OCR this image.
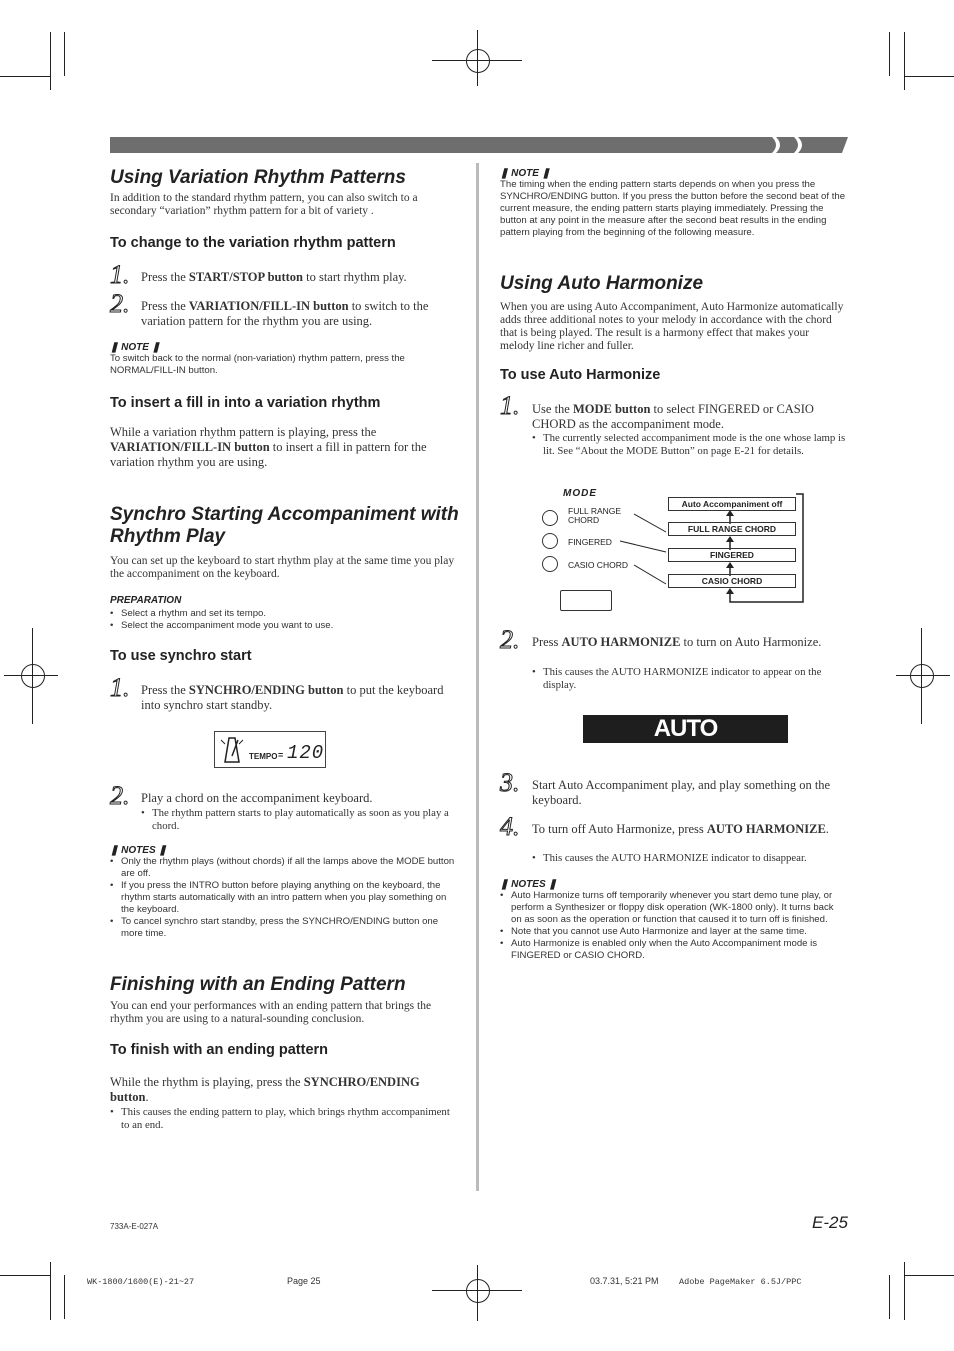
Using Variation Rhythm Patterns
In addition to the standard rhythm pattern, you can also switch to a secondary “variation” rhythm pattern for a bit of variety .
To change to the variation rhythm pattern
1. Press the START/STOP button to start rhythm play.
2. Press the VARIATION/FILL-IN button to switch to the variation pattern for the rhythm you are using.
❚ NOTE ❚
To switch back to the normal (non-variation) rhythm pattern, press the NORMAL/FILL-IN button.
To insert a fill in into a variation rhythm
While a variation rhythm pattern is playing, press the VARIATION/FILL-IN button to insert a fill in pattern for the variation rhythm you are using.
Synchro Starting Accompaniment with Rhythm Play
You can set up the keyboard to start rhythm play at the same time you play the accompaniment on the keyboard.
PREPARATION
• Select a rhythm and set its tempo.
• Select the accompaniment mode you want to use.
To use synchro start
1. Press the SYNCHRO/ENDING button to put the keyboard into synchro start standby.
TEMPO = 120
2. Play a chord on the accompaniment keyboard.
• The rhythm pattern starts to play automatically as soon as you play a chord.
❚ NOTES ❚
• Only the rhythm plays (without chords) if all the lamps above the MODE button are off.
• If you press the INTRO button before playing anything on the keyboard, the rhythm starts automatically with an intro pattern when you play something on the keyboard.
• To cancel synchro start standby, press the SYNCHRO/ENDING button one more time.
Finishing with an Ending Pattern
You can end your performances with an ending pattern that brings the rhythm you are using to a natural-sounding conclusion.
To finish with an ending pattern
While the rhythm is playing, press the SYNCHRO/ENDING button.
• This causes the ending pattern to play, which brings rhythm accompaniment to an end.
❚ NOTE ❚
The timing when the ending pattern starts depends on when you press the SYNCHRO/ENDING button. If you press the button before the second beat of the current measure, the ending pattern starts playing immediately. Pressing the button at any point in the measure after the second beat results in the ending pattern playing from the beginning of the following measure.
Using Auto Harmonize
When you are using Auto Accompaniment, Auto Harmonize automatically adds three additional notes to your melody in accordance with the chord that is being played. The result is a harmony effect that makes your melody line richer and fuller.
To use Auto Harmonize
1. Use the MODE button to select FINGERED or CASIO CHORD as the accompaniment mode.
• The currently selected accompaniment mode is the one whose lamp is lit. See “About the MODE Button” on page E-21 for details.
MODE
FULL RANGE CHORD
FINGERED
CASIO CHORD
Auto Accompaniment off
FULL RANGE CHORD
FINGERED
CASIO CHORD
2. Press AUTO HARMONIZE to turn on Auto Harmonize.
• This causes the AUTO HARMONIZE indicator to appear on the display.
AUTO HARMONIZE
3. Start Auto Accompaniment play, and play something on the keyboard.
4. To turn off Auto Harmonize, press AUTO HARMONIZE.
• This causes the AUTO HARMONIZE indicator to disappear.
❚ NOTES ❚
• Auto Harmonize turns off temporarily whenever you start demo tune play, or perform a Synthesizer or floppy disk operation (WK-1800 only). It turns back on as soon as the operation or function that caused it to turn off is finished.
• Note that you cannot use Auto Harmonize and layer at the same time.
• Auto Harmonize is enabled only when the Auto Accompaniment mode is FINGERED or CASIO CHORD.
E-25
733A-E-027A
WK-1800/1600(E)-21~27	Page 25	03.7.31, 5:21 PM Adobe PageMaker 6.5J/PPC
